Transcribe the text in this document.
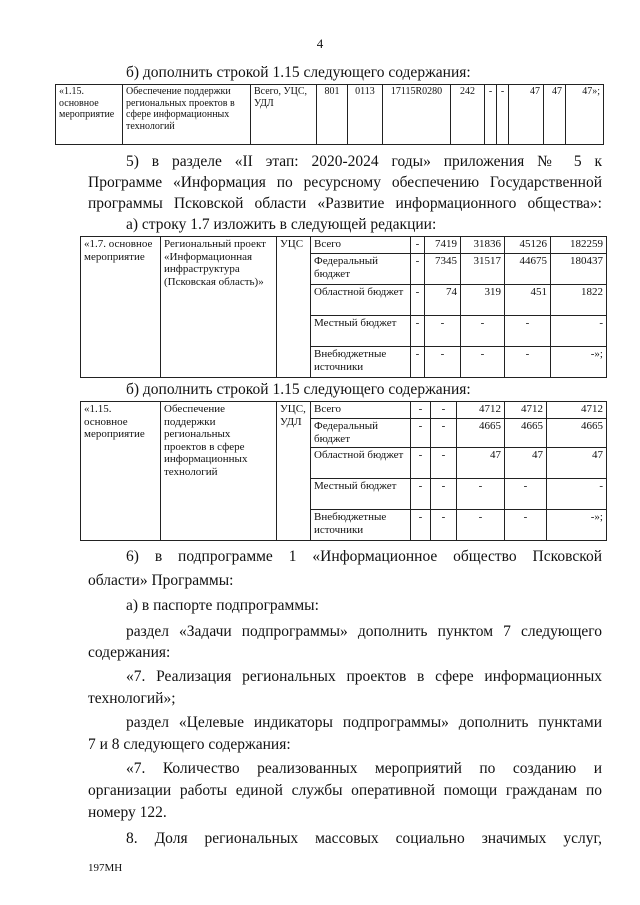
4

б) дополнить строкой 1.15 следующего содержания:

«1.15. основное мероприятие	Обеспечение поддержки региональных проектов в сфере информационных технологий	Всего, УЦС, УДЛ	801	0113	17115R0280	242	-	-	47	47	47»;

5) в разделе «II этап: 2020-2024 годы» приложения № 5 к

Программе «Информация по ресурсному обеспечению Государственной

программы Псковской области «Развитие информационного общества»:

а) строку 1.7 изложить в следующей редакции:

«1.7. основное мероприятие	Региональный проект «Информационная инфраструктура (Псковская область)»	УЦС	Всего	-	7419	31836	45126	182259
			Федеральный бюджет	-	7345	31517	44675	180437
			Областной бюджет	-	74	319	451	1822
			Местный бюджет	-	-	-	-	-
			Внебюджетные источники	-	-	-	-	-»;

б) дополнить строкой 1.15 следующего содержания:

«1.15. основное мероприятие	Обеспечение поддержки региональных проектов в сфере информационных технологий	УЦС, УДЛ	Всего	-	-	4712	4712	4712
			Федеральный бюджет	-	-	4665	4665	4665
			Областной бюджет	-	-	47	47	47
			Местный бюджет	-	-	-	-	-
			Внебюджетные источники	-	-	-	-	-»;

6) в подпрограмме 1 «Информационное общество Псковской

области» Программы:

а) в паспорте подпрограммы:

раздел «Задачи подпрограммы» дополнить пунктом 7 следующего

содержания:

«7. Реализация региональных проектов в сфере информационных

технологий»;

раздел «Целевые индикаторы подпрограммы» дополнить пунктами

7 и 8 следующего содержания:

«7. Количество реализованных мероприятий по созданию и

организации работы единой службы оперативной помощи гражданам по

номеру 122.

8. Доля региональных массовых социально значимых услуг,

197МН
